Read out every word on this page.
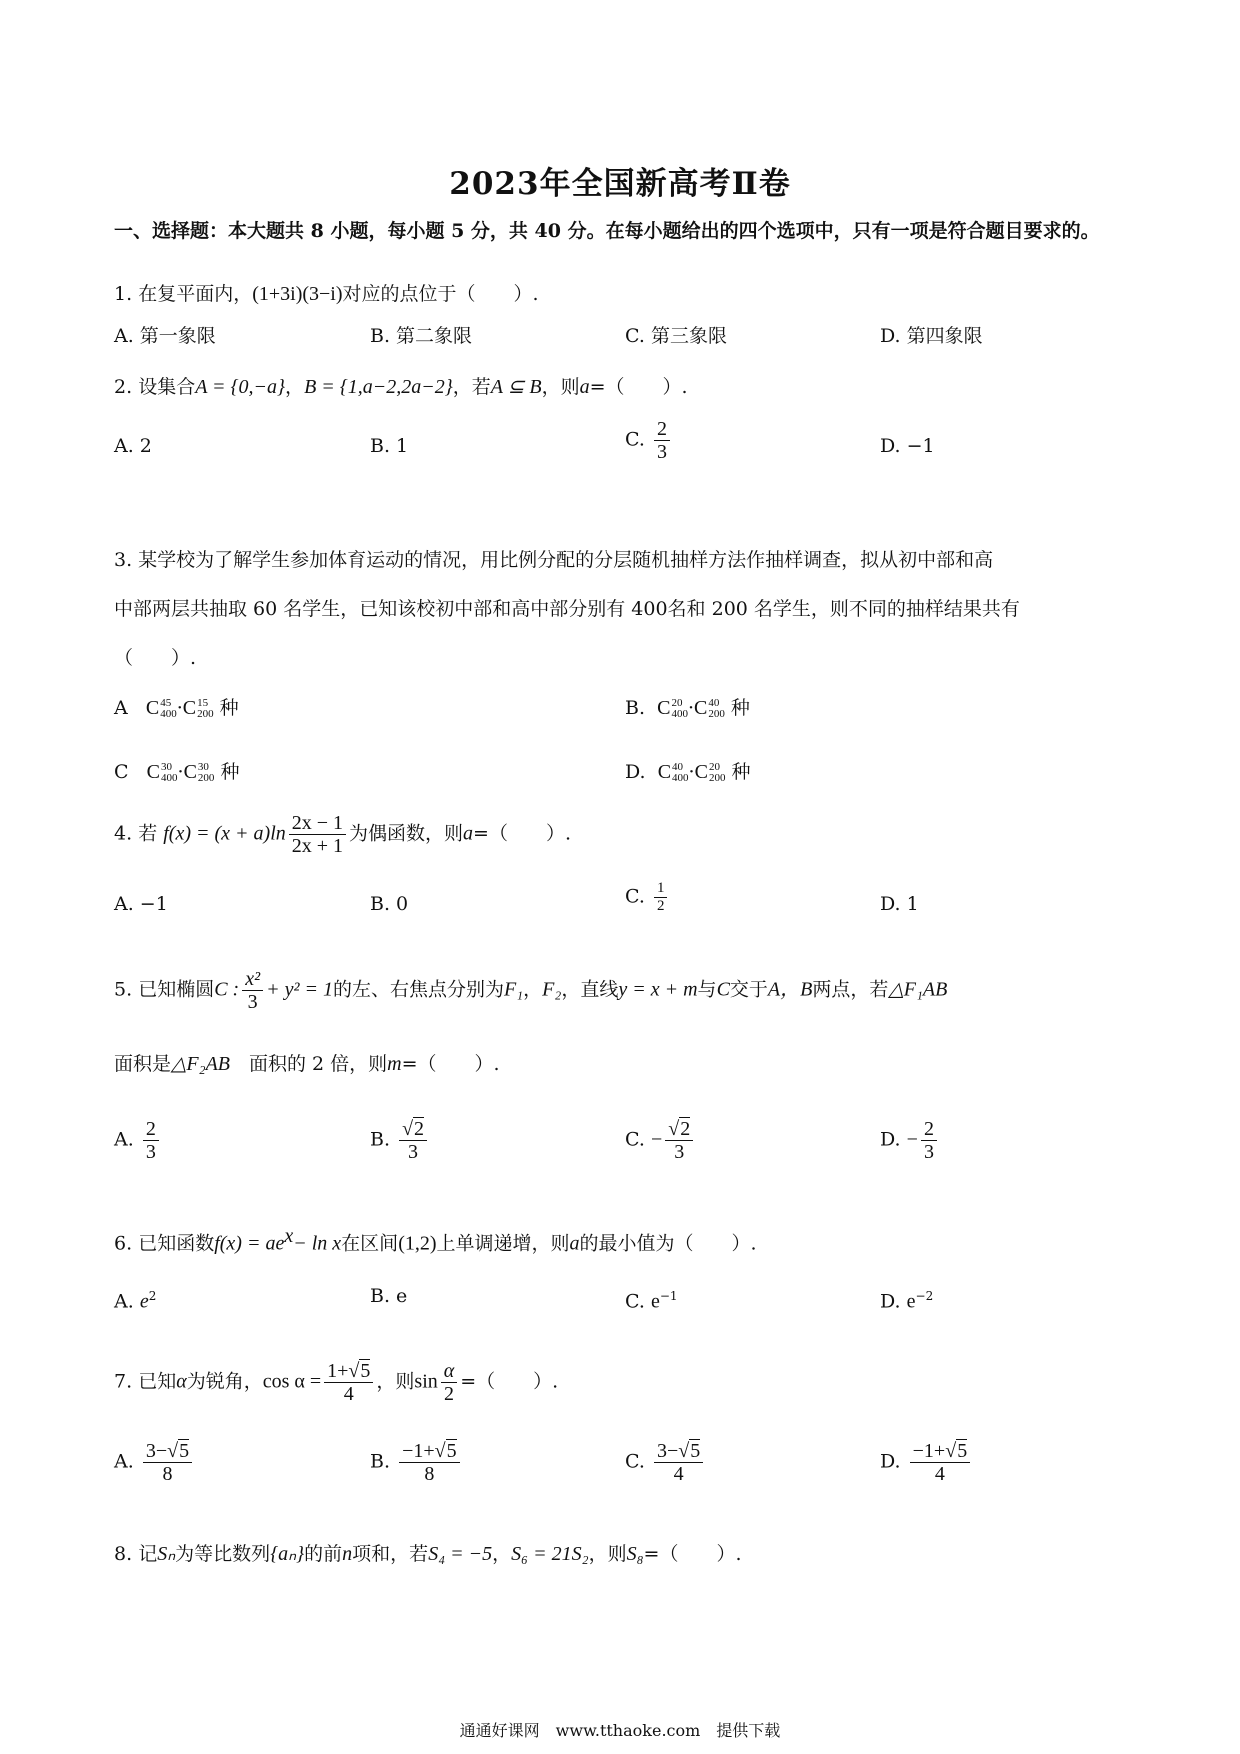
2023年全国新高考Ⅱ卷
一、选择题：本大题共 8 小题，每小题 5 分，共 40 分。在每小题给出的四个选项中，只有一项是符合题目要求的。
1. 在复平面内，(1+3i)(3−i)对应的点位于（　　）.
A. 第一象限	B. 第二象限	C. 第三象限	D. 第四象限
2. 设集合A = {0,−a}，B = {1,a−2,2a−2}，若A ⊆ B，则a=（　　）.
A. 2	B. 1	C. $\frac{2}{3}$	D. −1
3. 某学校为了解学生参加体育运动的情况，用比例分配的分层随机抽样方法作抽样调查，拟从初中部和高
中部两层共抽取 60 名学生，已知该校初中部和高中部分别有 400名和 200 名学生，则不同的抽样结果共有
（　　）.
A C 45
400 ·C 15
200 种	B. C 20
400 ·C 40
200 种
C C 30
400 ·C 30
200 种	D. C 40
400 ·C 20
200 种
4. 若 $f(x) = (x + a)\ln \frac{2x - 1}{2x + 1}$ 为偶函数，则a=（　　）.
A. −1	B. 0	C. $\frac{1}{2}$	D. 1
5. 已知椭圆C : $\frac{\text{x²}}{3} + y^2 = 1$的左、右焦点分别为F₁，F₂，直线y = x + m与C交于A，B两点，若△F₁AB
面积是△F₂AB　面积的 2 倍，则m=（　　）.
A. $\frac{2}{3}$	B. $\frac{√2}{3}$	C. − $\frac{√2}{3}$	D. − $\frac{2}{3}$
6. 已知函数$f(x) = ae^x- \ln x$在区间(1,2)上单调递增，则a的最小值为（　　）.
A. $e^2$	B. e	C. $e^{-1}$	D. $e^{-2}$
7. 已知α为锐角，$\cos \alpha = \frac{1+√5}{4}$ ，则$\sin \frac{\alpha}{2}$ =（　　）.
A. $\frac{3-√5}{8}$	B. $\frac{-1+√5}{8}$	C. $\frac{3-√5}{4}$	D. $\frac{-1+√5}{4}$
8. 记Sₙ为等比数列{aₙ}的前n项和，若S₄ = −5，S₆ = 21S₂，则S₈=（　　）.
通通好课网　www.tthaoke.com　提供下载
